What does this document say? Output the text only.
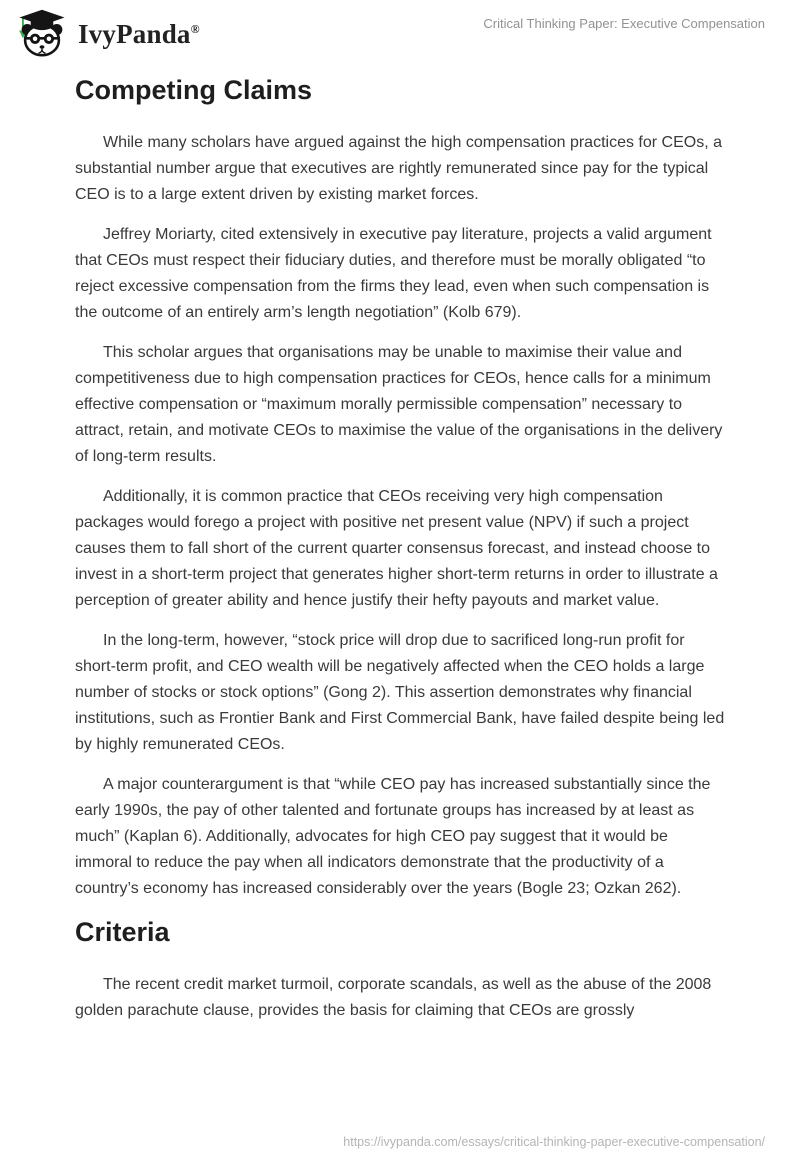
IvyPanda®	Critical Thinking Paper: Executive Compensation
Competing Claims

While many scholars have argued against the high compensation practices for CEOs, a substantial number argue that executives are rightly remunerated since pay for the typical CEO is to a large extent driven by existing market forces.

Jeffrey Moriarty, cited extensively in executive pay literature, projects a valid argument that CEOs must respect their fiduciary duties, and therefore must be morally obligated “to reject excessive compensation from the firms they lead, even when such compensation is the outcome of an entirely arm’s length negotiation” (Kolb 679).

This scholar argues that organisations may be unable to maximise their value and competitiveness due to high compensation practices for CEOs, hence calls for a minimum effective compensation or “maximum morally permissible compensation” necessary to attract, retain, and motivate CEOs to maximise the value of the organisations in the delivery of long-term results.

Additionally, it is common practice that CEOs receiving very high compensation packages would forego a project with positive net present value (NPV) if such a project causes them to fall short of the current quarter consensus forecast, and instead choose to invest in a short-term project that generates higher short-term returns in order to illustrate a perception of greater ability and hence justify their hefty payouts and market value.

In the long-term, however, “stock price will drop due to sacrificed long-run profit for short-term profit, and CEO wealth will be negatively affected when the CEO holds a large number of stocks or stock options” (Gong 2). This assertion demonstrates why financial institutions, such as Frontier Bank and First Commercial Bank, have failed despite being led by highly remunerated CEOs.

A major counterargument is that “while CEO pay has increased substantially since the early 1990s, the pay of other talented and fortunate groups has increased by at least as much” (Kaplan 6). Additionally, advocates for high CEO pay suggest that it would be immoral to reduce the pay when all indicators demonstrate that the productivity of a country’s economy has increased considerably over the years (Bogle 23; Ozkan 262).

Criteria

The recent credit market turmoil, corporate scandals, as well as the abuse of the 2008 golden parachute clause, provides the basis for claiming that CEOs are grossly

https://ivypanda.com/essays/critical-thinking-paper-executive-compensation/
